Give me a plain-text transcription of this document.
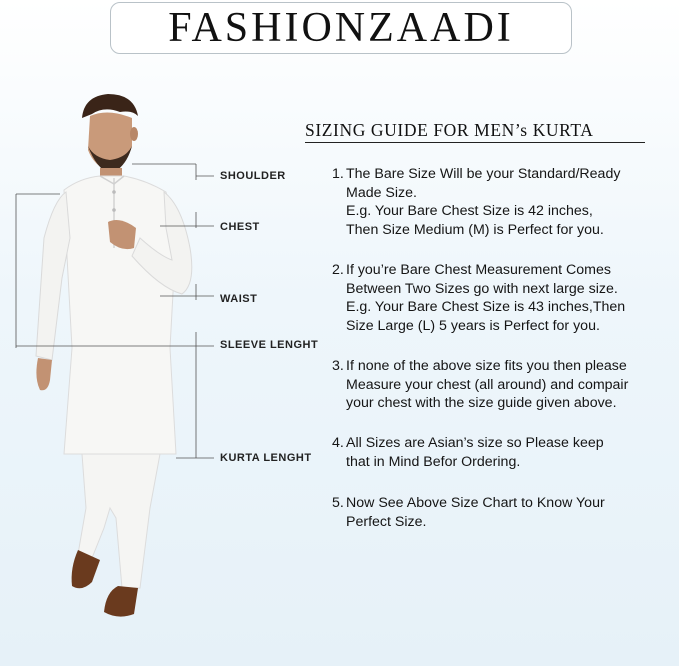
FASHIONZAADI
SIZING GUIDE FOR MEN’s KURTA
SHOULDER
CHEST
WAIST
SLEEVE LENGHT
KURTA LENGHT
1. The Bare Size Will be your Standard/Ready
Made Size.
E.g. Your Bare Chest Size is 42 inches,
Then Size Medium (M) is Perfect for you.
2. If you’re Bare Chest Measurement Comes
Between Two Sizes go with next large size.
E.g. Your Bare Chest Size is 43 inches,Then
Size Large (L) 5 years is Perfect for you.
3. If none of the above size fits you then please
Measure your chest (all around) and compair
your chest with the size guide given above.
4. All Sizes are Asian’s size so Please keep
that in Mind Befor Ordering.
5. Now See Above Size Chart to Know Your
Perfect Size.
